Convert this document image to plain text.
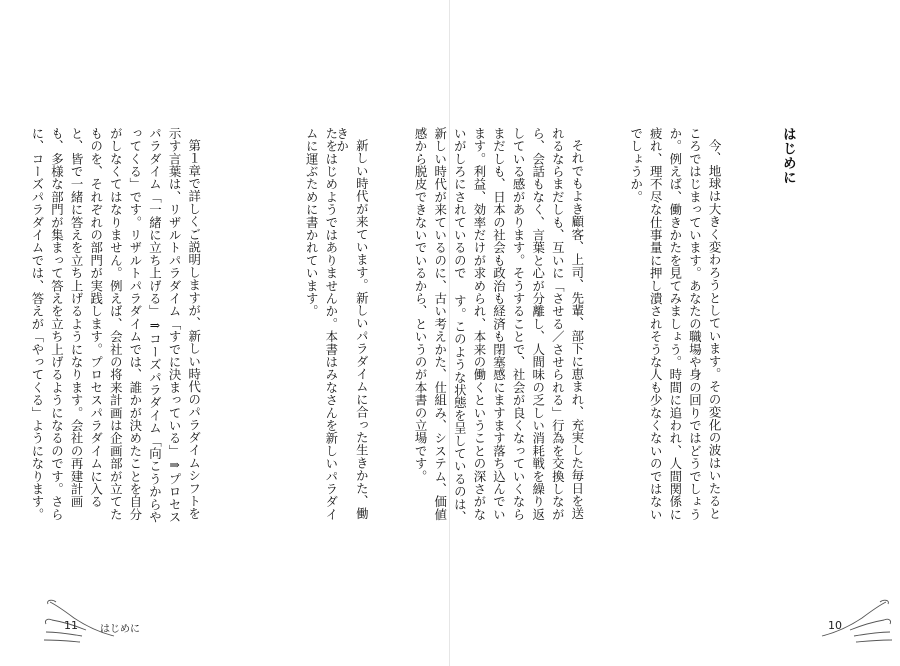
はじめに

今、地球は大きく変わろうとしています。その変化の波はいたるところではじまっています。あなたの職場や身の回りではどうでしょうか。例えば、働きかたを見てみましょう。時間に追われ、人間関係に疲れ、理不尽な仕事量に押し潰されそうな人も少なくないのではないでしょうか。

それでもよき顧客、上司、先輩、部下に恵まれ、充実した毎日を送れるならまだしも、互いに「させる／させられる」行為を交換しながら、会話もなく、言葉と心が分離し、人間味の乏しい消耗戦を繰り返している感があります。そうすることで、社会が良くなっていくならまだしも、日本の社会も政治も経済も閉塞感にますます落ち込んでいます。利益、効率だけが求められ、本来の働くということの深さがないがしろにされているので す。このような状態を呈しているのは、新しい時代が来ているのに、古い考えかた、仕組み、システム、価値感から脱皮できないでいるから、というのが本書の立場です。

新しい時代が来ています。新しいパラダイムに合った生きかた、働きか

10

たをはじめようではありませんか。本書はみなさんを新しいパラダイムに運ぶために書かれています。

第１章で詳しくご説明しますが、新しい時代のパラダイムシフトを示す言葉は、リザルトパラダイム「すでに決まっている」⇒プロセスパラダイム「一緒に立ち上げる」⇒コーズパラダイム「向こうからやってくる」です。リザルトパラダイムでは、誰かが決めたことを自分がしなくてはなりません。例えば、会社の将来計画は企画部が立てたものを、それぞれの部門が実践します。プロセスパラダイムに入ると、皆で一緒に答えを立ち上げるようになります。会社の再建計画も、多様な部門が集まって答えを立ち上げるようになるのです。さらに、コーズパラダイムでは、答えが「やってくる」ようになります。

11 はじめに
